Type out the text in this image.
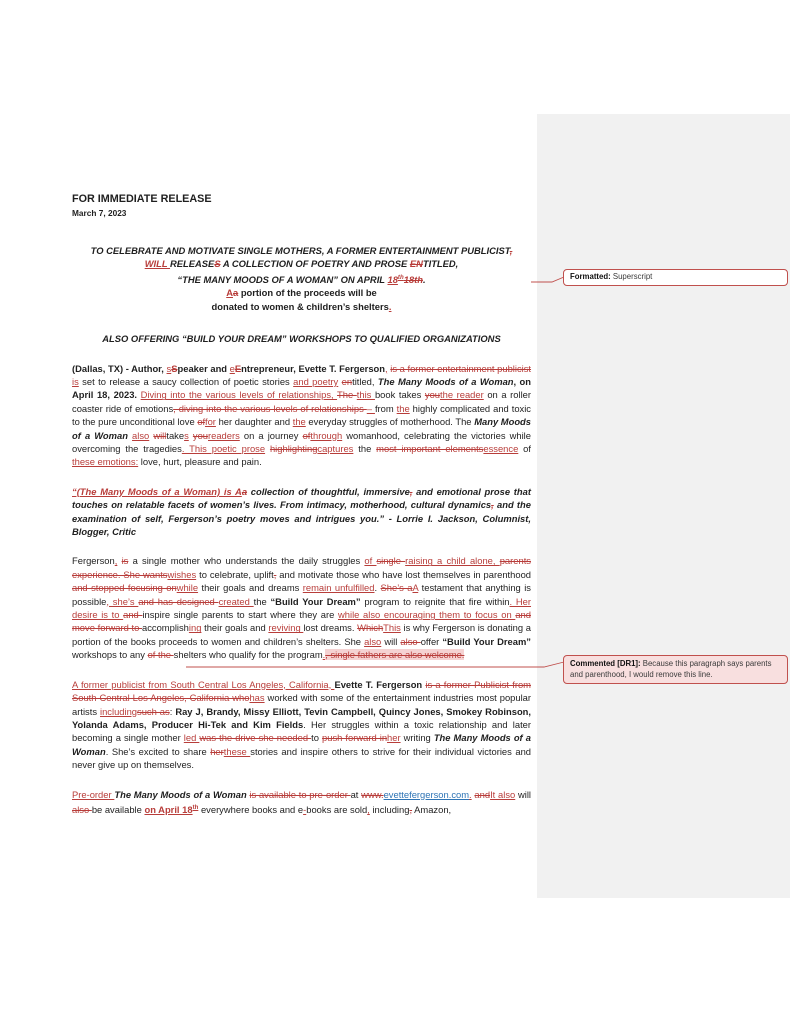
FOR IMMEDIATE RELEASE
March 7, 2023
TO CELEBRATE AND MOTIVATE SINGLE MOTHERS, A FORMER ENTERTAINMENT PUBLICIST,
WILL RELEASES A COLLECTION OF POETRY AND PROSE ENTITLED,
“THE MANY MOODS OF A WOMAN” ON APRIL 18th18th.
Aa portion of the proceeds will be
donated to women & children’s shelters.
ALSO OFFERING “BUILD YOUR DREAM” WORKSHOPS TO QUALIFIED ORGANIZATIONS
(Dallas, TX) - Author, sSpeaker and eEntrepreneur, Evette T. Fergerson, is a former entertainment publicist is set to release a saucy collection of poetic stories and poetry entitled, The Many Moods of a Woman, on April 18, 2023. Diving into the various levels of relationships, The this book takes youthe reader on a roller coaster ride of emotions, diving into the various levels of relationships – from the highly complicated and toxic to the pure unconditional love offor her daughter and the everyday struggles of motherhood. The Many Moods of a Woman also willtakes youreaders on a journey ofthrough womanhood, celebrating the victories while overcoming the tragedies. This poetic prose highlightingcaptures the most important elementsessence of these emotions: love, hurt, pleasure and pain.
“(The Many Moods of a Woman) is Aa collection of thoughtful, immersive, and emotional prose that touches on relatable facets of women’s lives. From intimacy, motherhood, cultural dynamics, and the examination of self, Fergerson’s poetry moves and intrigues you.” - Lorrie I. Jackson, Columnist, Blogger, Critic
Fergerson, is a single mother who understands the daily struggles of single raising a child alone, parents experience. She wantswishes to celebrate, uplift, and motivate those who have lost themselves in parenthood and stopped focusing onwhile their goals and dreams remain unfulfilled. She’s aA testament that anything is possible, she’s and has designed created the “Build Your Dream” program to reignite that fire within. Her desire is to and inspire single parents to start where they are while also encouraging them to focus on and move forward to accomplishing their goals and reviving lost dreams. WhichThis is why Fergerson is donating a portion of the books proceeds to women and children’s shelters. She also will also offer “Build Your Dream” workshops to any of the shelters who qualify for the program., single fathers are also welcome.
A former publicist from South Central Los Angeles, California, Evette T. Fergerson is a former Publicist from South Central Los Angeles, California whohas worked with some of the entertainment industries most popular artists includingsuch as: Ray J, Brandy, Missy Elliott, Tevin Campbell, Quincy Jones, Smokey Robinson, Yolanda Adams, Producer Hi-Tek and Kim Fields. Her struggles within a toxic relationship and later becoming a single mother led was the drive she needed to push forward inher writing The Many Moods of a Woman. She’s excited to share herthese stories and inspire others to strive for their individual victories and never give up on themselves.
Pre-order The Many Moods of a Woman is available to pre-order at www.evettefergerson.com. andIt also will also be available on April 18th everywhere books and e-books are sold, including, Amazon,
Formatted: Superscript
Commented [DR1]: Because this paragraph says parents and parenthood, I would remove this line.
